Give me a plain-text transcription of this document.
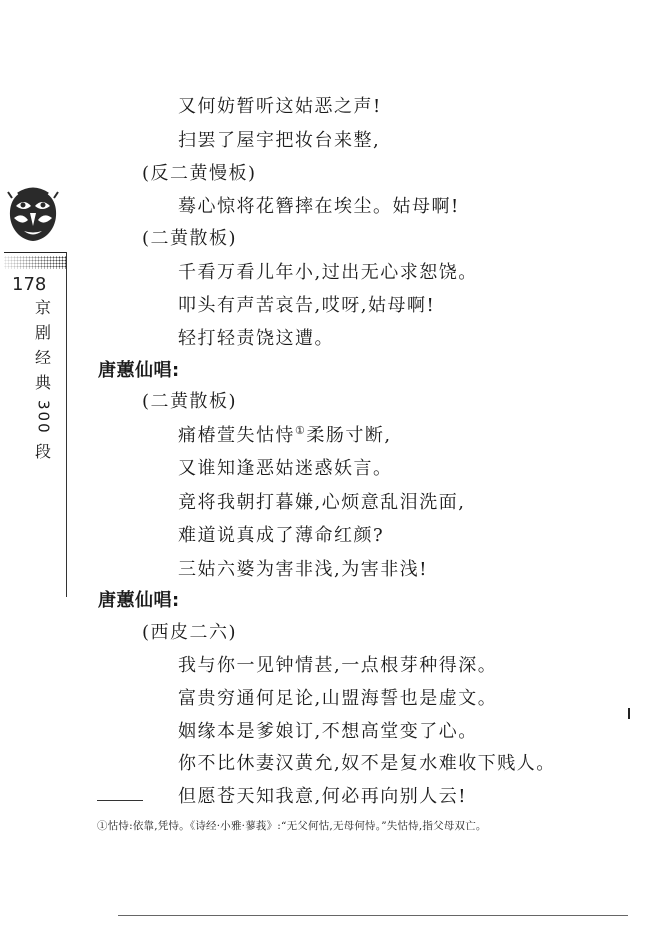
178
京
剧
经
典
300
段
又何妨暂听这姑恶之声!
扫罢了屋宇把妆台来整,
(反二黄慢板)
蓦心惊将花簪摔在埃尘。姑母啊!
(二黄散板)
千看万看儿年小,过出无心求恕饶。
叩头有声苦哀告,哎呀,姑母啊!
轻打轻责饶这遭。
唐蕙仙唱:
(二黄散板)
痛椿萱失怙恃①柔肠寸断,
又谁知逢恶姑迷惑妖言。
竟将我朝打暮嫌,心烦意乱泪洗面,
难道说真成了薄命红颜?
三姑六婆为害非浅,为害非浅!
唐蕙仙唱:
(西皮二六)
我与你一见钟情甚,一点根芽种得深。
富贵穷通何足论,山盟海誓也是虚文。
姻缘本是爹娘订,不想高堂变了心。
你不比休妻汉黄允,奴不是复水难收下贱人。
但愿苍天知我意,何必再向别人云!
①怙恃:依靠,凭恃。《诗经·小雅·蓼莪》:“无父何怙,无母何恃。”失怙恃,指父母双亡。
